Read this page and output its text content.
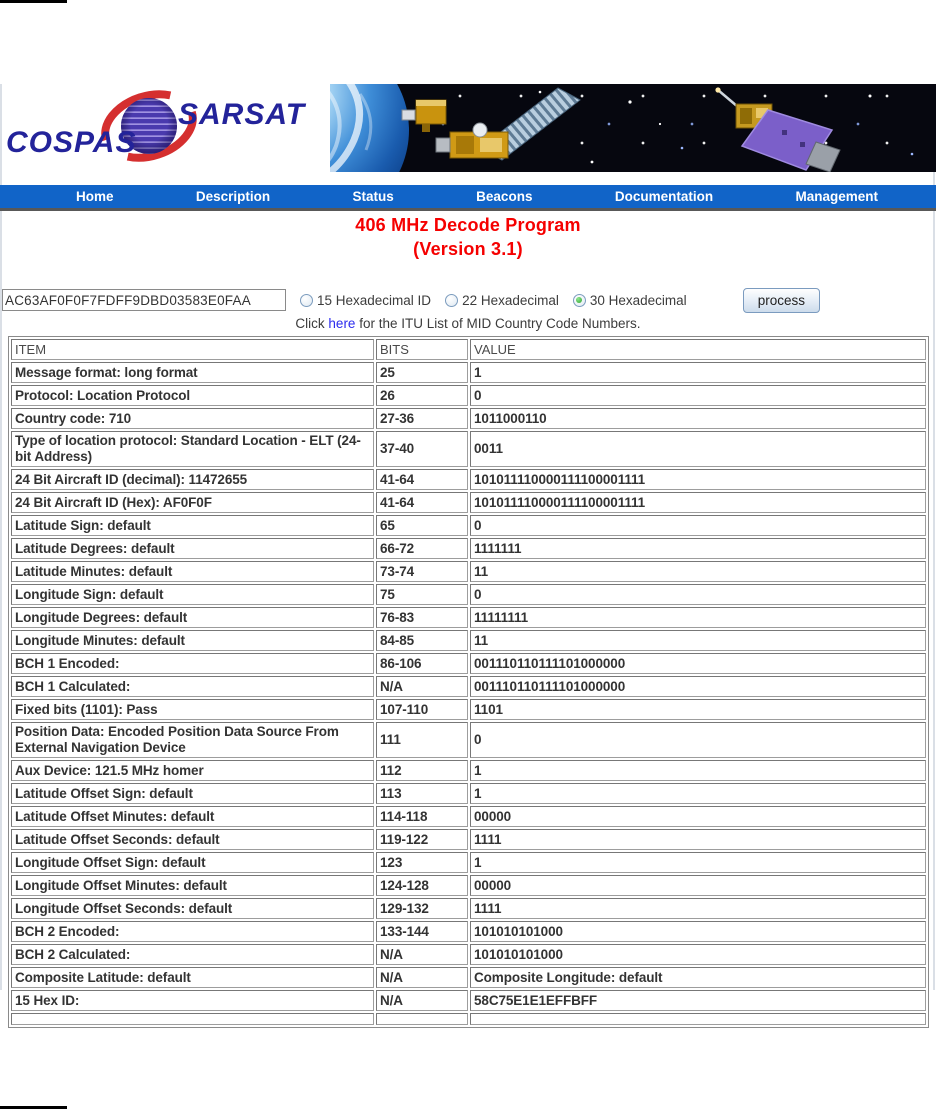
COSPAS
SARSAT
Home	Description	Status	Beacons	Documentation	Management
406 MHz Decode Program
(Version 3.1)
AC63AF0F0F7FDFF9DBD03583E0FAA
15 Hexadecimal ID 22 Hexadecimal 30 Hexadecimal	process
Click here for the ITU List of MID Country Code Numbers.
ITEM	BITS	VALUE
Message format: long format	25	1
Protocol: Location Protocol	26	0
Country code: 710	27-36	1011000110
Type of location protocol: Standard Location - ELT (24-bit Address)	37-40	0011
24 Bit Aircraft ID (decimal): 11472655	41-64	101011110000111100001111
24 Bit Aircraft ID (Hex): AF0F0F	41-64	101011110000111100001111
Latitude Sign: default	65	0
Latitude Degrees: default	66-72	1111111
Latitude Minutes: default	73-74	11
Longitude Sign: default	75	0
Longitude Degrees: default	76-83	11111111
Longitude Minutes: default	84-85	11
BCH 1 Encoded:	86-106	001110110111101000000
BCH 1 Calculated:	N/A	001110110111101000000
Fixed bits (1101): Pass	107-110	1101
Position Data: Encoded Position Data Source From External Navigation Device	111	0
Aux Device: 121.5 MHz homer	112	1
Latitude Offset Sign: default	113	1
Latitude Offset Minutes: default	114-118	00000
Latitude Offset Seconds: default	119-122	1111
Longitude Offset Sign: default	123	1
Longitude Offset Minutes: default	124-128	00000
Longitude Offset Seconds: default	129-132	1111
BCH 2 Encoded:	133-144	101010101000
BCH 2 Calculated:	N/A	101010101000
Composite Latitude: default	N/A	Composite Longitude: default
15 Hex ID:	N/A	58C75E1E1EFFBFF
